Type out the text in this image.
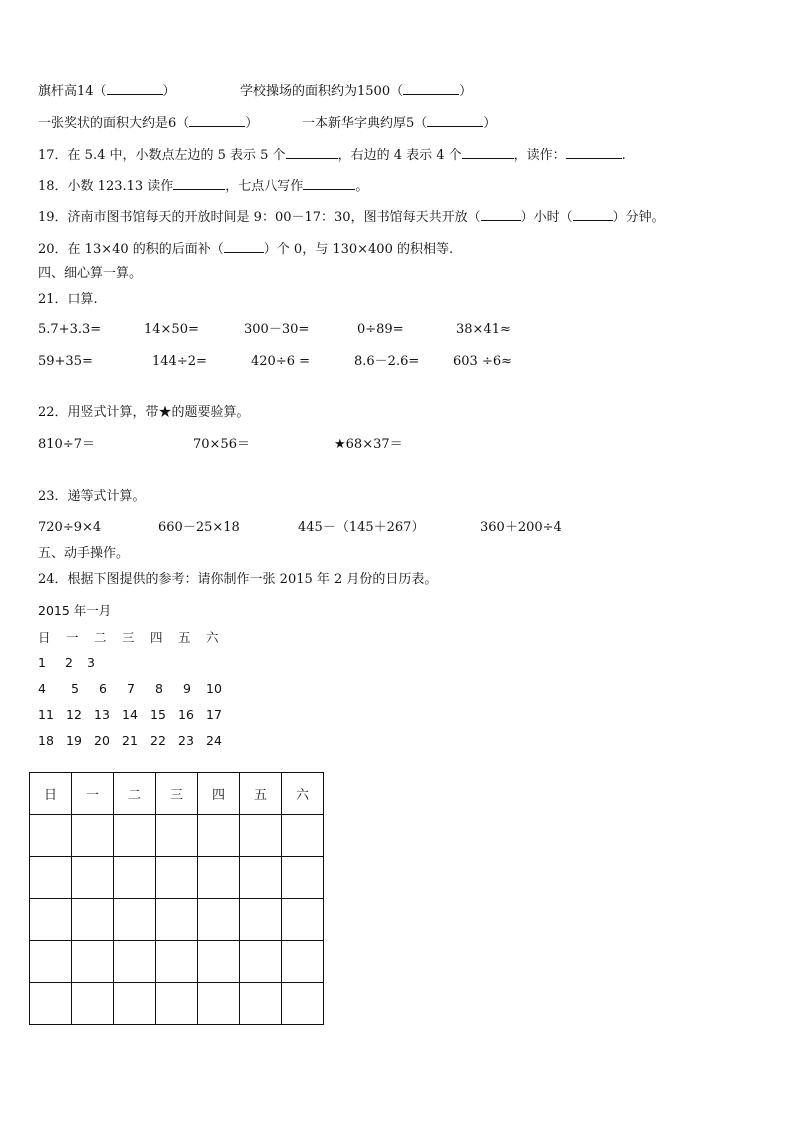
旗杆高14（	）	学校操场的面积约为1500（	）
一张奖状的面积大约是6（	）	一本新华字典约厚5（	）
17．在 5.4 中，小数点左边的 5 表示 5 个	，右边的 4 表示 4 个	，读作：	.
18．小数 123.13 读作	，七点八写作	。
19．济南市图书馆每天的开放时间是 9：00－17：30，图书馆每天共开放（	）小时（	）分钟。
20．在 13×40 的积的后面补（	）个 0，与 130×400 的积相等.
四、细心算一算。
21．口算.
5.7+3.3=	14×50=	300－30=	0÷89=	38×41≈
59+35=	144÷2=	420÷6 =	8.6－2.6=	603 ÷6≈
22．用竖式计算，带★的题要验算。
810÷7＝	70×56＝	★68×37＝
23．递等式计算。
720÷9×4	660－25×18	445－（145＋267）	360＋200÷4
五、动手操作。
24．根据下图提供的参考：请你制作一张 2015 年 2 月份的日历表。
2015 年一月
日 一 二 三 四 五 六
1 2 3
4 5 6 7 8 9 10
11 12 13 14 15 16 17
18 19 20 21 22 23 24
日	一	二	三	四	五	六
